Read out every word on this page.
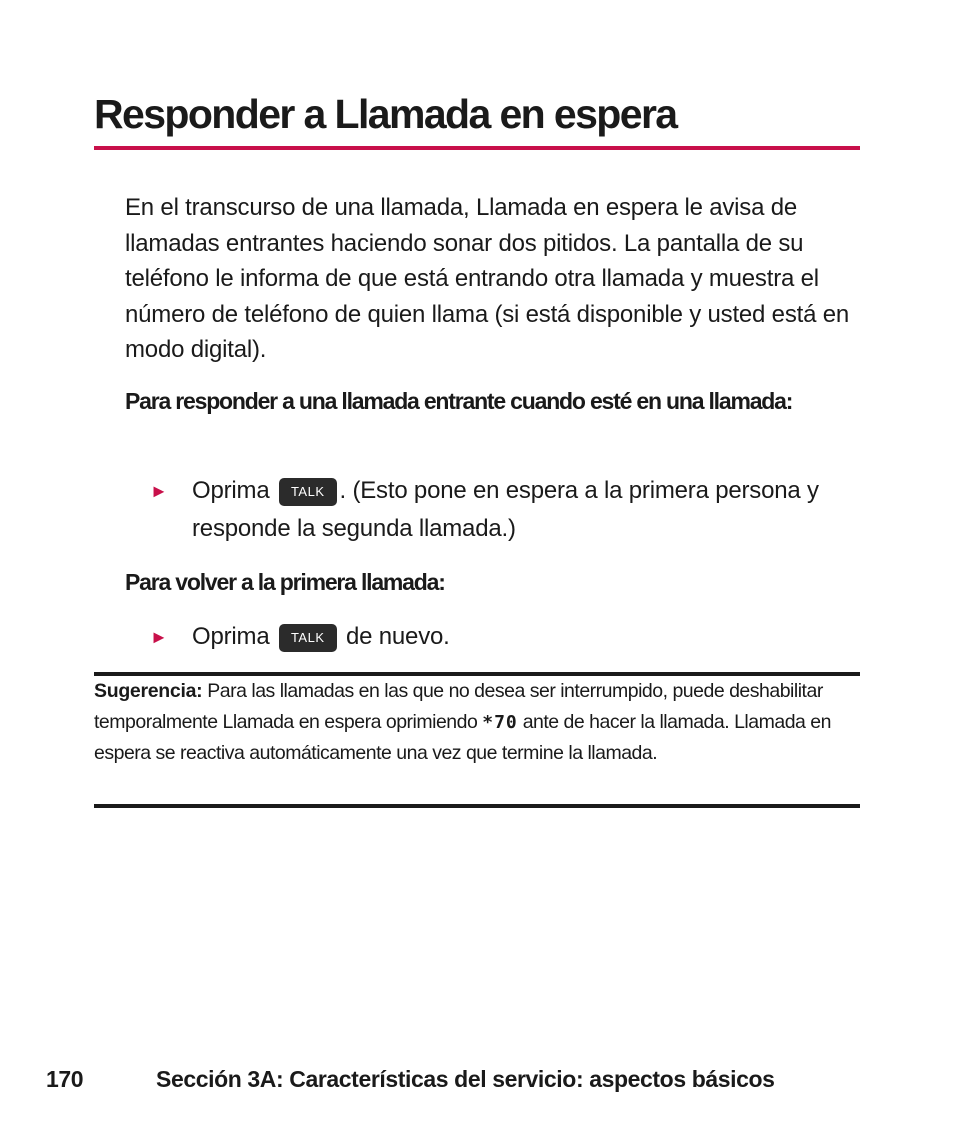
Responder a Llamada en espera

En el transcurso de una llamada, Llamada en espera le avisa de llamadas entrantes haciendo sonar dos pitidos. La pantalla de su teléfono le informa de que está entrando otra llamada y muestra el número de teléfono de quien llama (si está disponible y usted está en modo digital).

Para responder a una llamada entrante cuando esté en una llamada:

► Oprima TALK . (Esto pone en espera a la primera persona y responde la segunda llamada.)

Para volver a la primera llamada:

► Oprima TALK de nuevo.

Sugerencia: Para las llamadas en las que no desea ser interrumpido, puede deshabilitar temporalmente Llamada en espera oprimiendo *70 ante de hacer la llamada. Llamada en espera se reactiva automáticamente una vez que termine la llamada.

170	Sección 3A: Características del servicio: aspectos básicos
